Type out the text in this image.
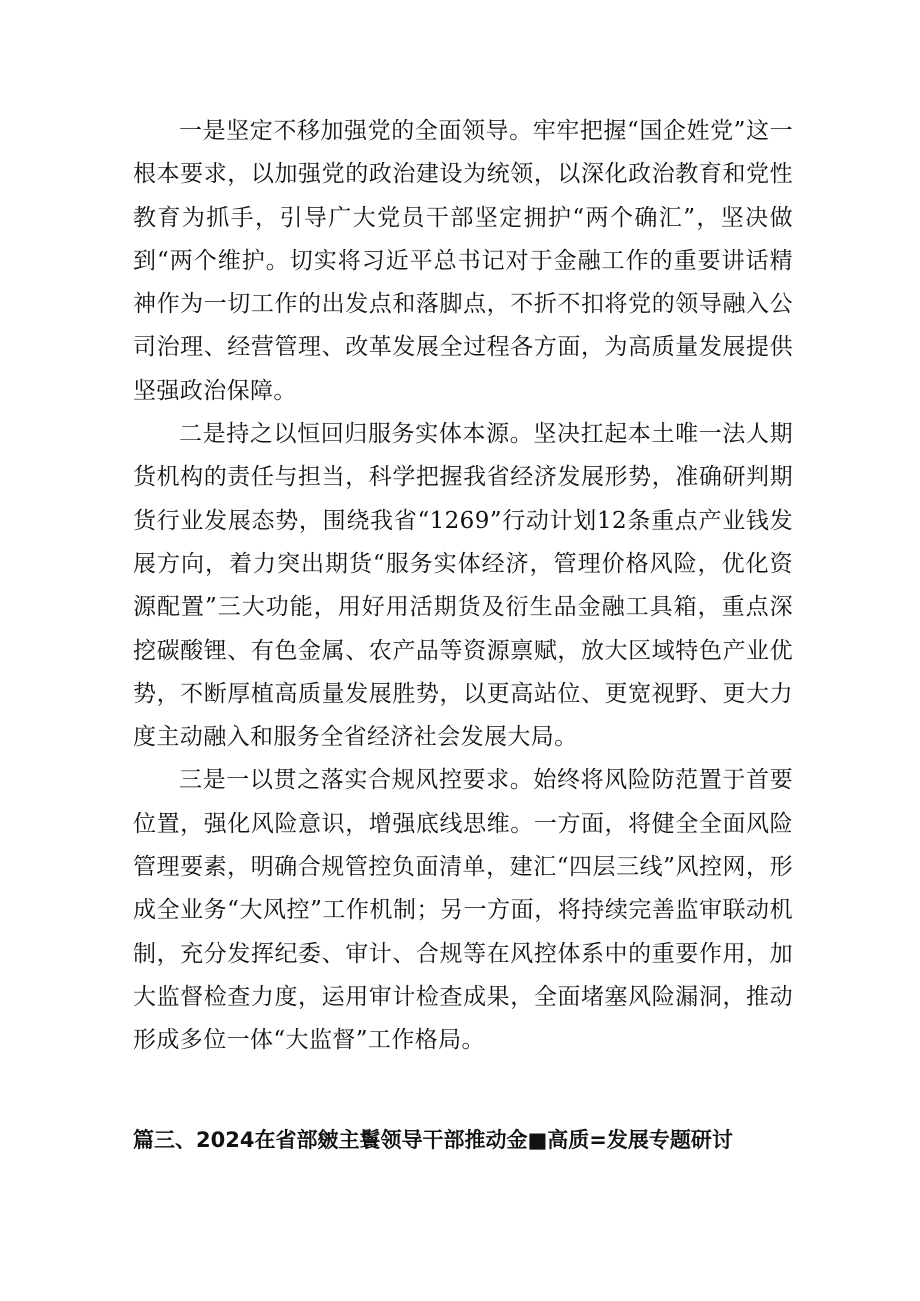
一是坚定不移加强党的全面领导。牢牢把握“国企姓党”这一根本要求，以加强党的政治建设为统领，以深化政治教育和党性教育为抓手，引导广大党员干部坚定拥护“两个确汇”，坚决做到“两个维护。切实将习近平总书记对于金融工作的重要讲话精神作为一切工作的出发点和落脚点，不折不扣将党的领导融入公司治理、经营管理、改革发展全过程各方面，为高质量发展提供坚强政治保障。

二是持之以恒回归服务实体本源。坚决扛起本土唯一法人期货机构的责任与担当，科学把握我省经济发展形势，准确研判期货行业发展态势，围绕我省“1269”行动计划12条重点产业钱发展方向，着力突出期货“服务实体经济，管理价格风险，优化资源配置”三大功能，用好用活期货及衍生品金融工具箱，重点深挖碳酸锂、有色金属、农产品等资源禀赋，放大区域特色产业优势，不断厚植高质量发展胜势，以更高站位、更宽视野、更大力度主动融入和服务全省经济社会发展大局。

三是一以贯之落实合规风控要求。始终将风险防范置于首要位置，强化风险意识，增强底线思维。一方面，将健全全面风险管理要素，明确合规管控负面清单，建汇“四层三线”风控网，形成全业务“大风控”工作机制；另一方面，将持续完善监审联动机制，充分发挥纪委、审计、合规等在风控体系中的重要作用，加大监督检查力度，运用审计检查成果，全面堵塞风险漏洞，推动形成多位一体“大监督”工作格局。

篇三、2024在省部皴主鬟领导干部推动金■高质=发展专题研讨
